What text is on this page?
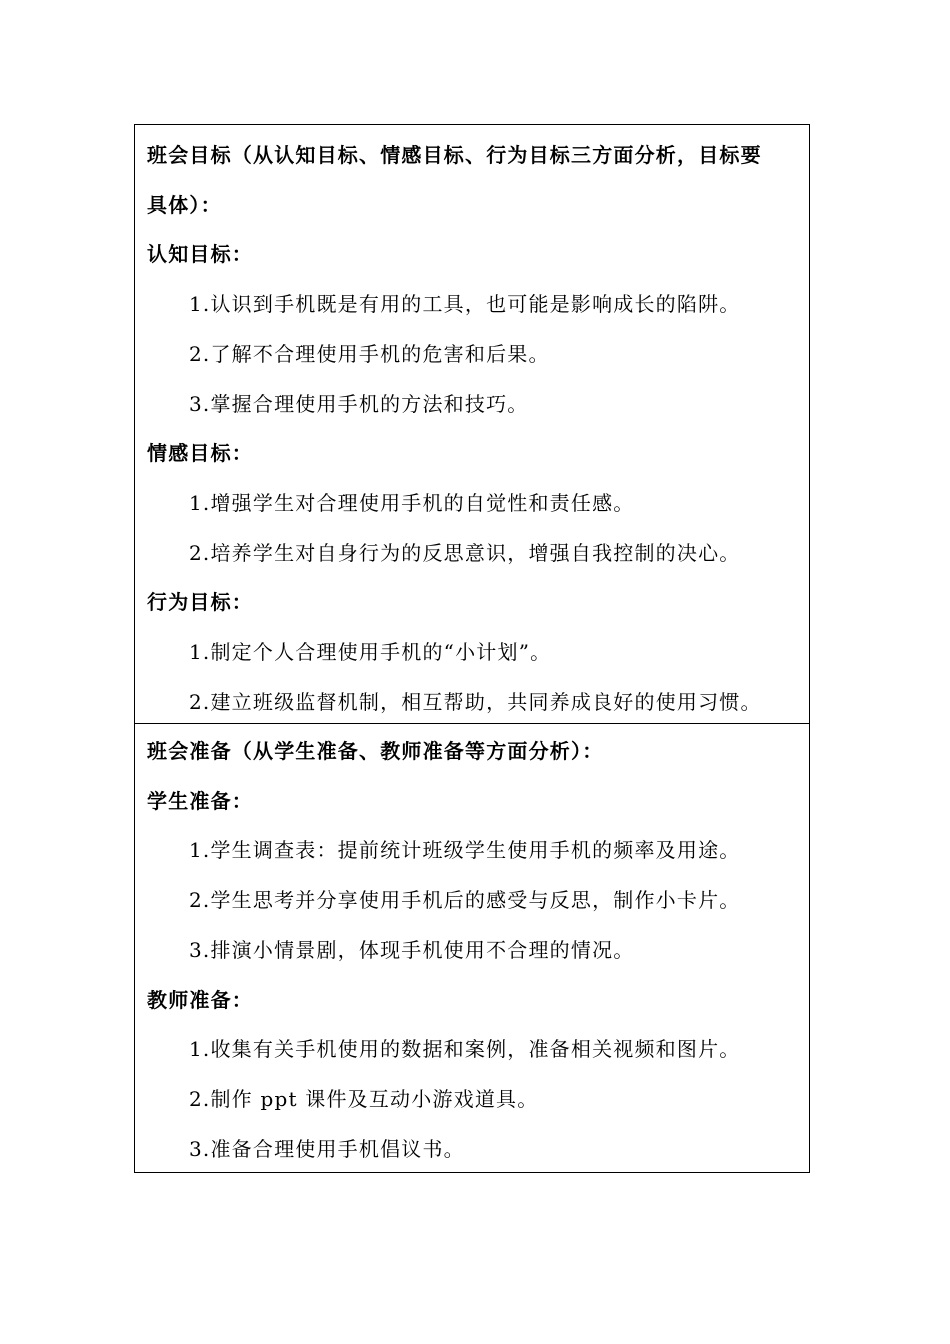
班会目标（从认知目标、情感目标、行为目标三方面分析，目标要
具体）：
认知目标：
1.认识到手机既是有用的工具，也可能是影响成长的陷阱。
2.了解不合理使用手机的危害和后果。
3.掌握合理使用手机的方法和技巧。
情感目标：
1.增强学生对合理使用手机的自觉性和责任感。
2.培养学生对自身行为的反思意识，增强自我控制的决心。
行为目标：
1.制定个人合理使用手机的“小计划”。
2.建立班级监督机制，相互帮助，共同养成良好的使用习惯。
班会准备（从学生准备、教师准备等方面分析）：
学生准备：
1.学生调查表：提前统计班级学生使用手机的频率及用途。
2.学生思考并分享使用手机后的感受与反思，制作小卡片。
3.排演小情景剧，体现手机使用不合理的情况。
教师准备：
1.收集有关手机使用的数据和案例，准备相关视频和图片。
2.制作 ppt 课件及互动小游戏道具。
3.准备合理使用手机倡议书。
